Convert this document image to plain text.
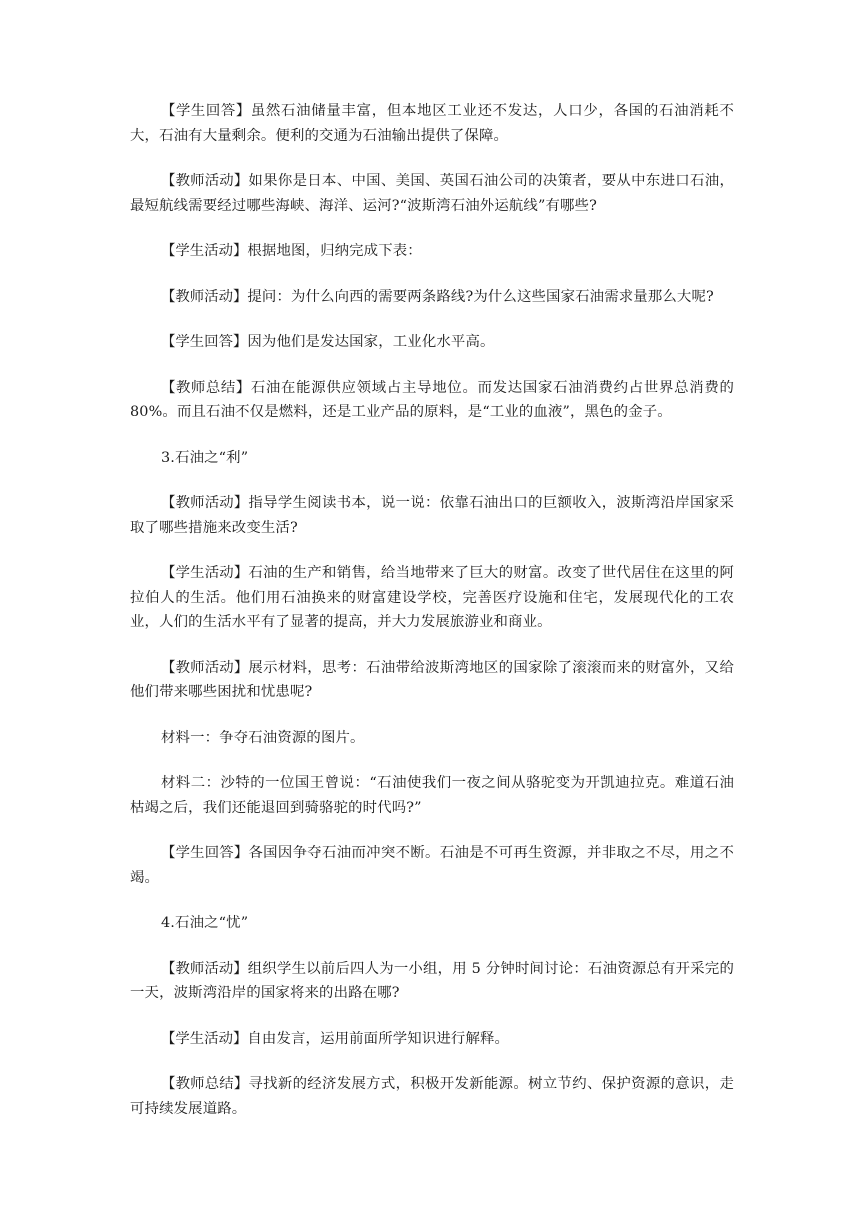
【学生回答】虽然石油储量丰富，但本地区工业还不发达，人口少，各国的石油消耗不大，石油有大量剩余。便利的交通为石油输出提供了保障。

【教师活动】如果你是日本、中国、美国、英国石油公司的决策者，要从中东进口石油，最短航线需要经过哪些海峡、海洋、运河?“波斯湾石油外运航线”有哪些?

【学生活动】根据地图，归纳完成下表：

【教师活动】提问：为什么向西的需要两条路线?为什么这些国家石油需求量那么大呢?

【学生回答】因为他们是发达国家，工业化水平高。

【教师总结】石油在能源供应领域占主导地位。而发达国家石油消费约占世界总消费的 80%。而且石油不仅是燃料，还是工业产品的原料，是“工业的血液”，黑色的金子。

3.石油之“利”

【教师活动】指导学生阅读书本，说一说：依靠石油出口的巨额收入，波斯湾沿岸国家采取了哪些措施来改变生活?

【学生活动】石油的生产和销售，给当地带来了巨大的财富。改变了世代居住在这里的阿拉伯人的生活。他们用石油换来的财富建设学校，完善医疗设施和住宅，发展现代化的工农业，人们的生活水平有了显著的提高，并大力发展旅游业和商业。

【教师活动】展示材料，思考：石油带给波斯湾地区的国家除了滚滚而来的财富外，又给他们带来哪些困扰和忧患呢?

材料一：争夺石油资源的图片。

材料二：沙特的一位国王曾说：“石油使我们一夜之间从骆驼变为开凯迪拉克。难道石油枯竭之后，我们还能退回到骑骆驼的时代吗?”

【学生回答】各国因争夺石油而冲突不断。石油是不可再生资源，并非取之不尽，用之不竭。

4.石油之“忧”

【教师活动】组织学生以前后四人为一小组，用 5 分钟时间讨论：石油资源总有开采完的一天，波斯湾沿岸的国家将来的出路在哪?

【学生活动】自由发言，运用前面所学知识进行解释。

【教师总结】寻找新的经济发展方式，积极开发新能源。树立节约、保护资源的意识，走可持续发展道路。
